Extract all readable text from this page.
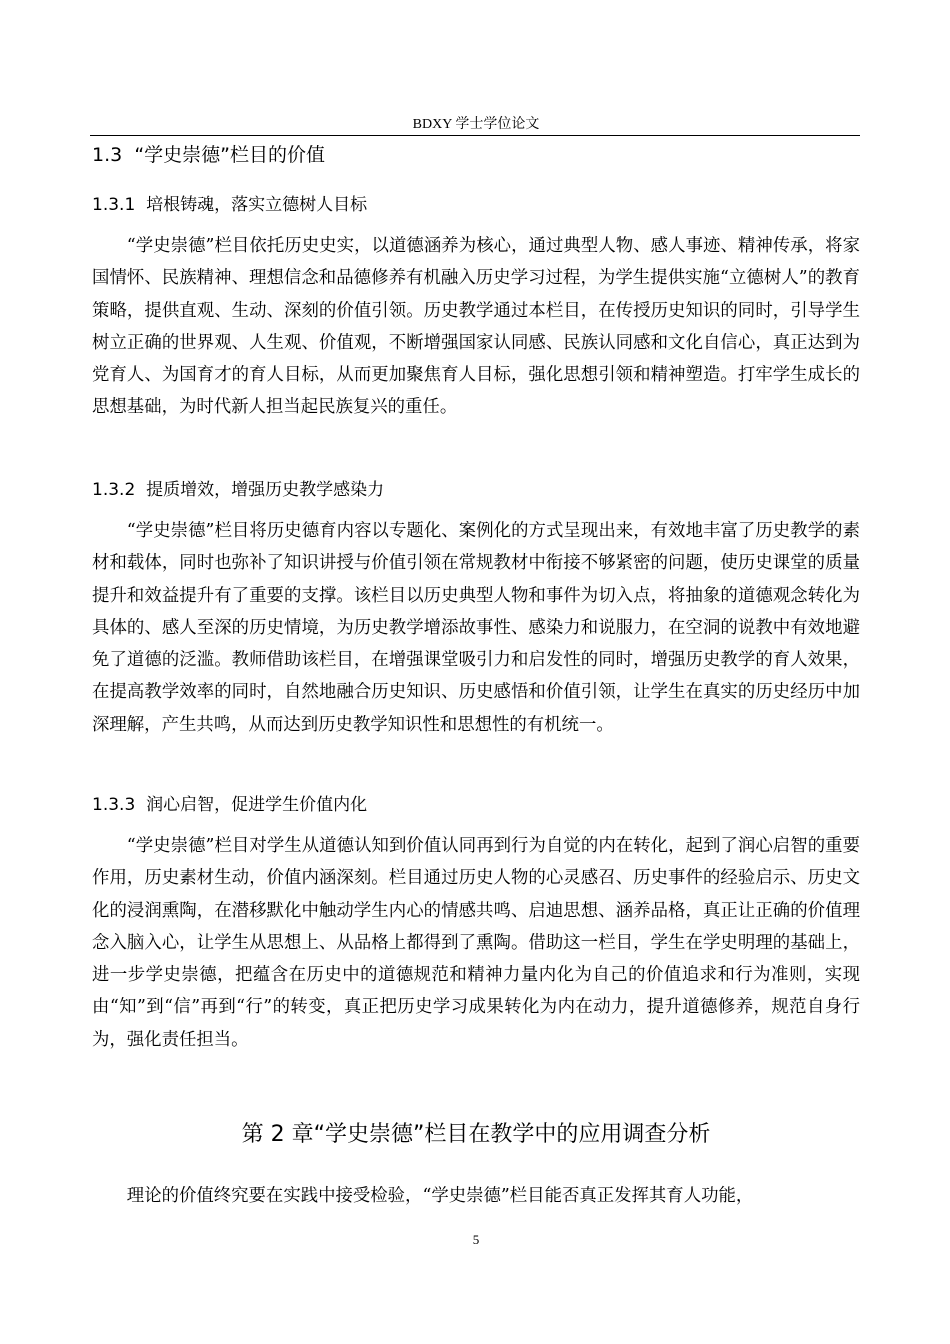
BDXY 学士学位论文
1.3 “学史崇德”栏目的价值
1.3.1 培根铸魂，落实立德树人目标

“学史崇德”栏目依托历史史实，以道德涵养为核心，通过典型人物、感人事迹、精神传承，将家国情怀、民族精神、理想信念和品德修养有机融入历史学习过程，为学生提供实施“立德树人”的教育策略，提供直观、生动、深刻的价值引领。历史教学通过本栏目，在传授历史知识的同时，引导学生树立正确的世界观、人生观、价值观，不断增强国家认同感、民族认同感和文化自信心，真正达到为党育人、为国育才的育人目标，从而更加聚焦育人目标，强化思想引领和精神塑造。打牢学生成长的思想基础，为时代新人担当起民族复兴的重任。

1.3.2 提质增效，增强历史教学感染力

“学史崇德”栏目将历史德育内容以专题化、案例化的方式呈现出来，有效地丰富了历史教学的素材和载体，同时也弥补了知识讲授与价值引领在常规教材中衔接不够紧密的问题，使历史课堂的质量提升和效益提升有了重要的支撑。该栏目以历史典型人物和事件为切入点，将抽象的道德观念转化为具体的、感人至深的历史情境，为历史教学增添故事性、感染力和说服力，在空洞的说教中有效地避免了道德的泛滥。教师借助该栏目，在增强课堂吸引力和启发性的同时，增强历史教学的育人效果，在提高教学效率的同时，自然地融合历史知识、历史感悟和价值引领，让学生在真实的历史经历中加深理解，产生共鸣，从而达到历史教学知识性和思想性的有机统一。

1.3.3 润心启智，促进学生价值内化

“学史崇德”栏目对学生从道德认知到价值认同再到行为自觉的内在转化，起到了润心启智的重要作用，历史素材生动，价值内涵深刻。栏目通过历史人物的心灵感召、历史事件的经验启示、历史文化的浸润熏陶，在潜移默化中触动学生内心的情感共鸣、启迪思想、涵养品格，真正让正确的价值理念入脑入心，让学生从思想上、从品格上都得到了熏陶。借助这一栏目，学生在学史明理的基础上，进一步学史崇德，把蕴含在历史中的道德规范和精神力量内化为自己的价值追求和行为准则，实现由“知”到“信”再到“行”的转变，真正把历史学习成果转化为内在动力，提升道德修养，规范自身行为，强化责任担当。

第 2 章“学史崇德”栏目在教学中的应用调查分析

理论的价值终究要在实践中接受检验，“学史崇德”栏目能否真正发挥其育人功能，

5
